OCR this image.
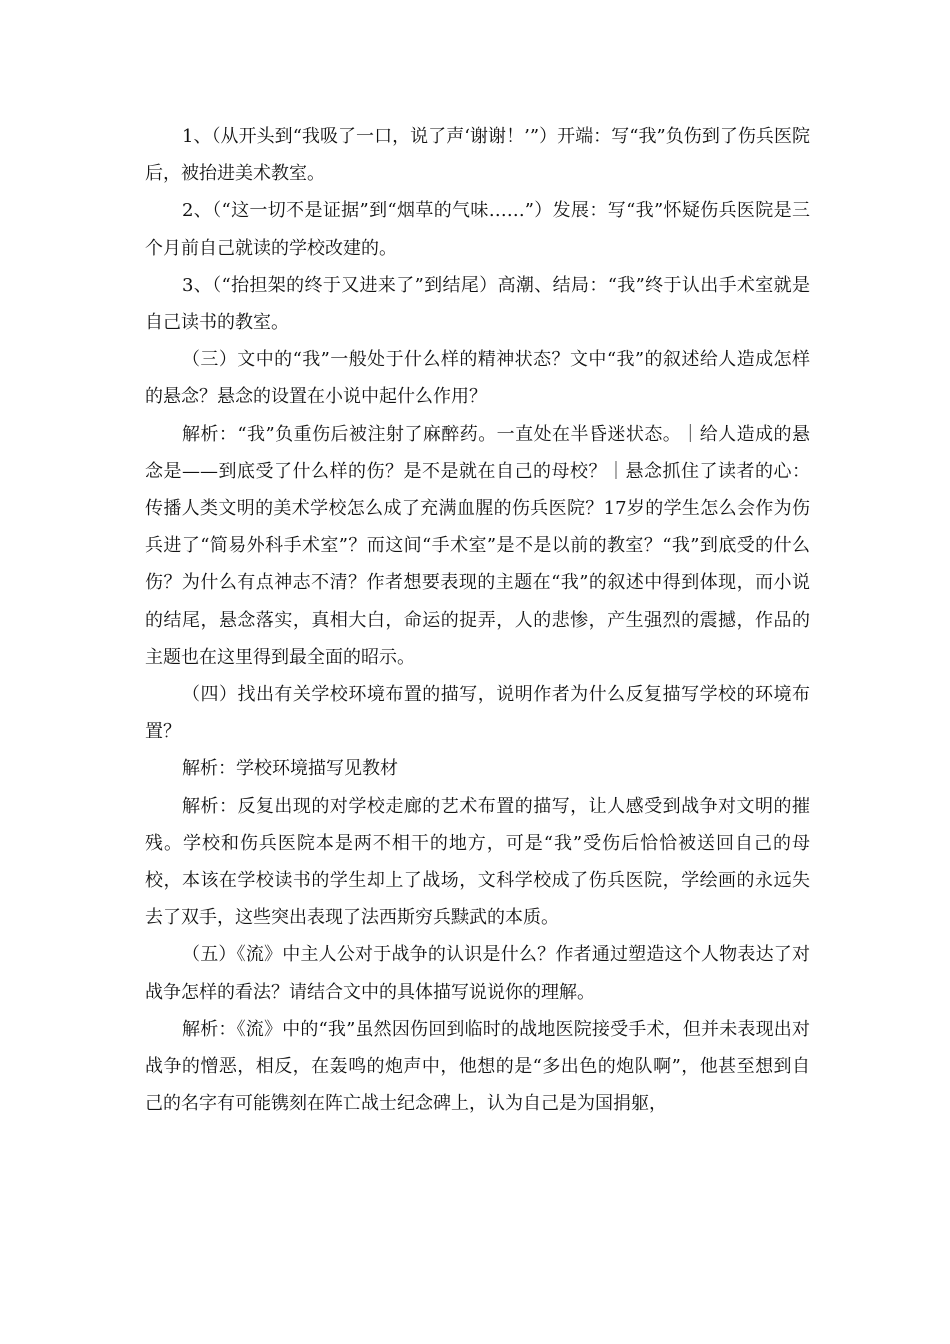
1、（从开头到“我吸了一口，说了声‘谢谢！’”）开端：写“我”负伤到了伤兵医院后，被抬进美术教室。

2、（“这一切不是证据”到“烟草的气味……”）发展：写“我”怀疑伤兵医院是三个月前自己就读的学校改建的。

3、（“抬担架的终于又进来了”到结尾）高潮、结局：“我”终于认出手术室就是自己读书的教室。

（三）文中的“我”一般处于什么样的精神状态？文中“我”的叙述给人造成怎样的悬念？悬念的设置在小说中起什么作用？

解析：“我”负重伤后被注射了麻醉药。一直处在半昏迷状态。｜给人造成的悬念是——到底受了什么样的伤？是不是就在自己的母校？｜悬念抓住了读者的心：传播人类文明的美术学校怎么成了充满血腥的伤兵医院？17岁的学生怎么会作为伤兵进了“简易外科手术室”？而这间“手术室”是不是以前的教室？“我”到底受的什么伤？为什么有点神志不清？作者想要表现的主题在“我”的叙述中得到体现，而小说的结尾，悬念落实，真相大白，命运的捉弄，人的悲惨，产生强烈的震撼，作品的主题也在这里得到最全面的昭示。

（四）找出有关学校环境布置的描写，说明作者为什么反复描写学校的环境布置？

解析：学校环境描写见教材

解析：反复出现的对学校走廊的艺术布置的描写，让人感受到战争对文明的摧残。学校和伤兵医院本是两不相干的地方，可是“我”受伤后恰恰被送回自己的母校，本该在学校读书的学生却上了战场，文科学校成了伤兵医院，学绘画的永远失去了双手，这些突出表现了法西斯穷兵黩武的本质。

（五）《流》中主人公对于战争的认识是什么？作者通过塑造这个人物表达了对战争怎样的看法？请结合文中的具体描写说说你的理解。

解析：《流》中的“我”虽然因伤回到临时的战地医院接受手术，但并未表现出对战争的憎恶，相反，在轰鸣的炮声中，他想的是“多出色的炮队啊”，他甚至想到自己的名字有可能镌刻在阵亡战士纪念碑上，认为自己是为国捐躯，
